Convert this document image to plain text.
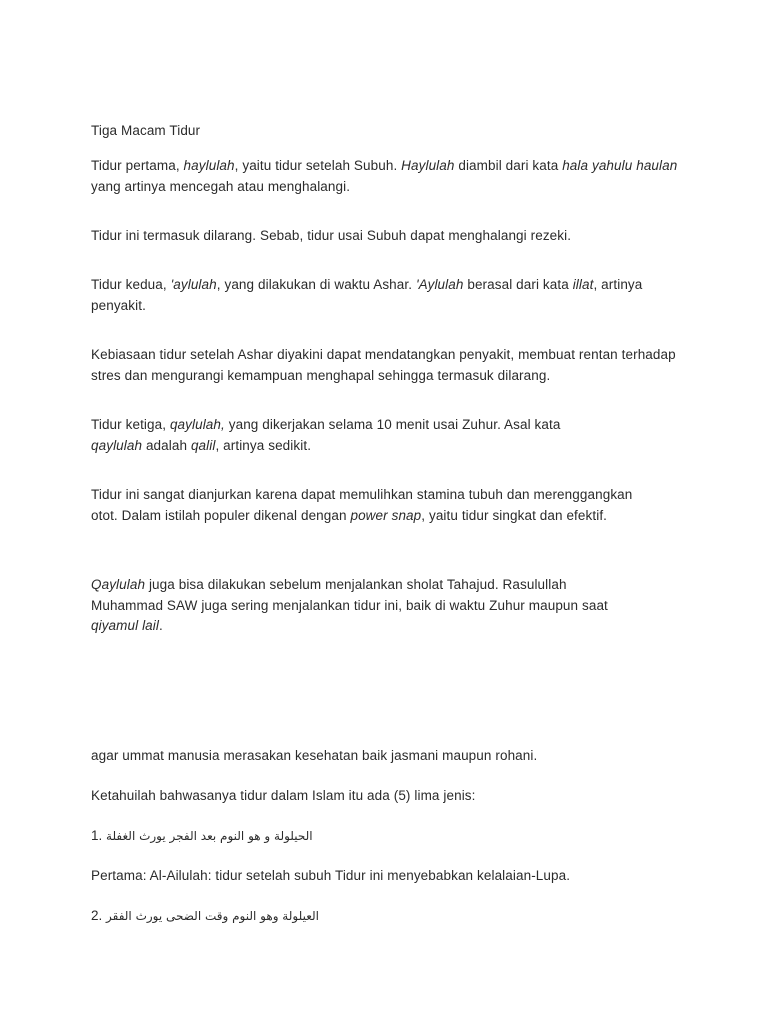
Tiga Macam Tidur

Tidur pertama, haylulah, yaitu tidur setelah Subuh. Haylulah diambil dari kata hala yahulu haulan yang artinya mencegah atau menghalangi.

Tidur ini termasuk dilarang. Sebab, tidur usai Subuh dapat menghalangi rezeki.

Tidur kedua, 'aylulah, yang dilakukan di waktu Ashar. 'Aylulah berasal dari kata illat, artinya penyakit.

Kebiasaan tidur setelah Ashar diyakini dapat mendatangkan penyakit, membuat rentan terhadap stres dan mengurangi kemampuan menghapal sehingga termasuk dilarang.

Tidur ketiga, qaylulah, yang dikerjakan selama 10 menit usai Zuhur. Asal kata qaylulah adalah qalil, artinya sedikit.

Tidur ini sangat dianjurkan karena dapat memulihkan stamina tubuh dan merenggangkan otot. Dalam istilah populer dikenal dengan power snap, yaitu tidur singkat dan efektif.

Qaylulah juga bisa dilakukan sebelum menjalankan sholat Tahajud. Rasulullah Muhammad SAW juga sering menjalankan tidur ini, baik di waktu Zuhur maupun saat qiyamul lail.

agar ummat manusia merasakan kesehatan baik jasmani maupun rohani.

Ketahuilah bahwasanya tidur dalam Islam itu ada (5) lima jenis:

1. الحيلولة و هو النوم بعد الفجر يورث الغفلة

Pertama: Al-Ailulah: tidur setelah subuh Tidur ini menyebabkan kelalaian-Lupa.

2. العيلولة وهو النوم وقت الضحى يورث الفقر
